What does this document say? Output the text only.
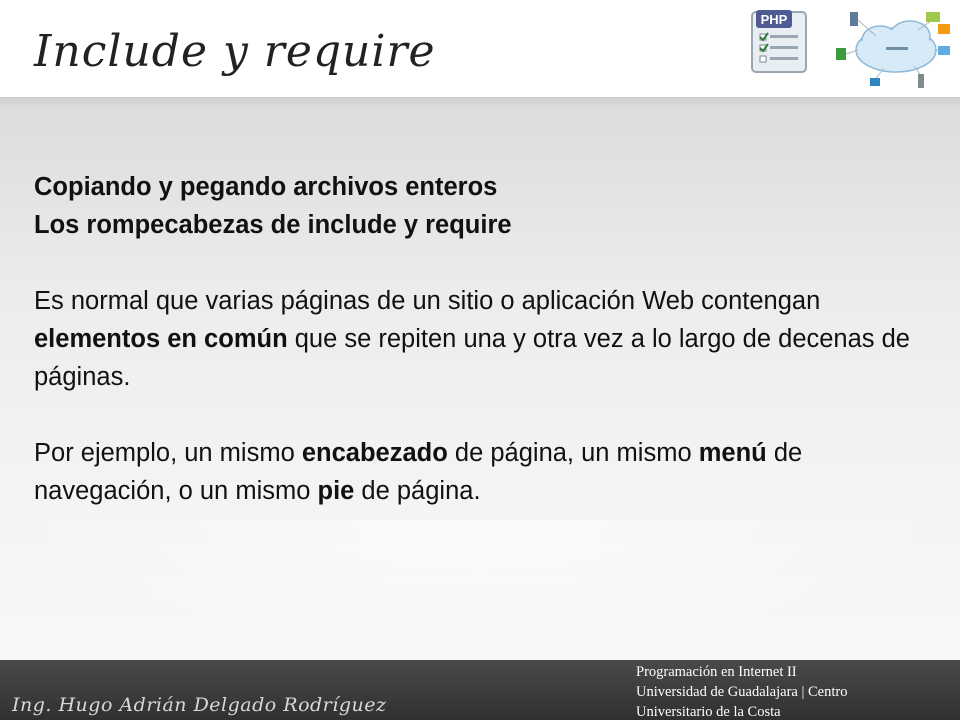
Include y require
PHP

Copiando y pegando archivos enteros

Los rompecabezas de include y require

Es normal que varias páginas de un sitio o aplicación Web contengan elementos en común que se repiten una y otra vez a lo largo de decenas de páginas.

Por ejemplo, un mismo encabezado de página, un mismo menú de navegación, o un mismo pie de página.

Ing. Hugo Adrián Delgado Rodríguez
Programación en Internet II
Universidad de Guadalajara | Centro
Universitario de la Costa
